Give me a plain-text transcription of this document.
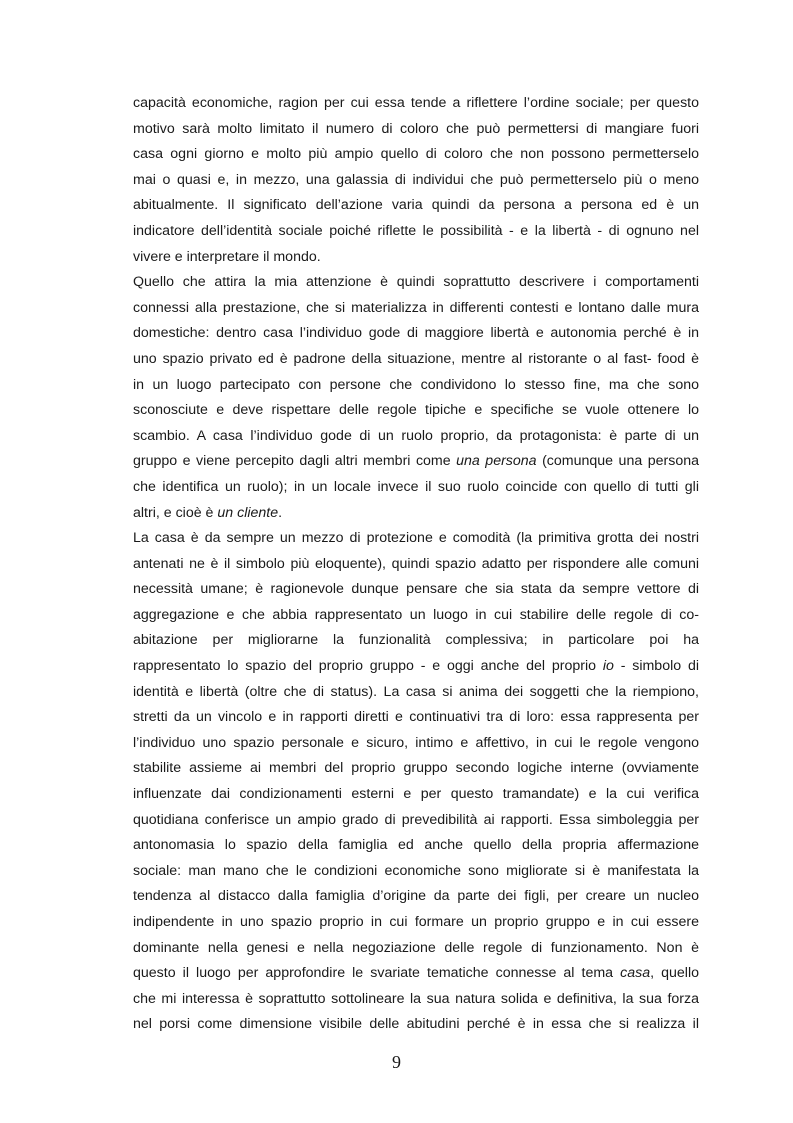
capacità economiche, ragion per cui essa tende a riflettere l’ordine sociale; per questo
motivo sarà molto limitato il numero di coloro che può permettersi di mangiare fuori
casa ogni giorno e molto più ampio quello di coloro che non possono permetterselo
mai o quasi e, in mezzo, una galassia di individui che può permetterselo più o meno
abitualmente. Il significato dell’azione varia quindi da persona a persona ed è un
indicatore dell’identità sociale poiché riflette le possibilità - e la libertà - di ognuno nel
vivere e interpretare il mondo.
Quello che attira la mia attenzione è quindi soprattutto descrivere i comportamenti
connessi alla prestazione, che si materializza in differenti contesti e lontano dalle mura
domestiche: dentro casa l’individuo gode di maggiore libertà e autonomia perché è in
uno spazio privato ed è padrone della situazione, mentre al ristorante o al fast- food è
in un luogo partecipato con persone che condividono lo stesso fine, ma che sono
sconosciute e deve rispettare delle regole tipiche e specifiche se vuole ottenere lo
scambio. A casa l’individuo gode di un ruolo proprio, da protagonista: è parte di un
gruppo e viene percepito dagli altri membri come una persona (comunque una persona
che identifica un ruolo); in un locale invece il suo ruolo coincide con quello di tutti gli
altri, e cioè è un cliente.
La casa è da sempre un mezzo di protezione e comodità (la primitiva grotta dei nostri
antenati ne è il simbolo più eloquente), quindi spazio adatto per rispondere alle comuni
necessità umane; è ragionevole dunque pensare che sia stata da sempre vettore di
aggregazione e che abbia rappresentato un luogo in cui stabilire delle regole di co-
abitazione per migliorarne la funzionalità complessiva; in particolare poi ha
rappresentato lo spazio del proprio gruppo - e oggi anche del proprio io - simbolo di
identità e libertà (oltre che di status). La casa si anima dei soggetti che la riempiono,
stretti da un vincolo e in rapporti diretti e continuativi tra di loro: essa rappresenta per
l’individuo uno spazio personale e sicuro, intimo e affettivo, in cui le regole vengono
stabilite assieme ai membri del proprio gruppo secondo logiche interne (ovviamente
influenzate dai condizionamenti esterni e per questo tramandate) e la cui verifica
quotidiana conferisce un ampio grado di prevedibilità ai rapporti. Essa simboleggia per
antonomasia lo spazio della famiglia ed anche quello della propria affermazione
sociale: man mano che le condizioni economiche sono migliorate si è manifestata la
tendenza al distacco dalla famiglia d’origine da parte dei figli, per creare un nucleo
indipendente in uno spazio proprio in cui formare un proprio gruppo e in cui essere
dominante nella genesi e nella negoziazione delle regole di funzionamento. Non è
questo il luogo per approfondire le svariate tematiche connesse al tema casa, quello
che mi interessa è soprattutto sottolineare la sua natura solida e definitiva, la sua forza
nel porsi come dimensione visibile delle abitudini perché è in essa che si realizza il
9
